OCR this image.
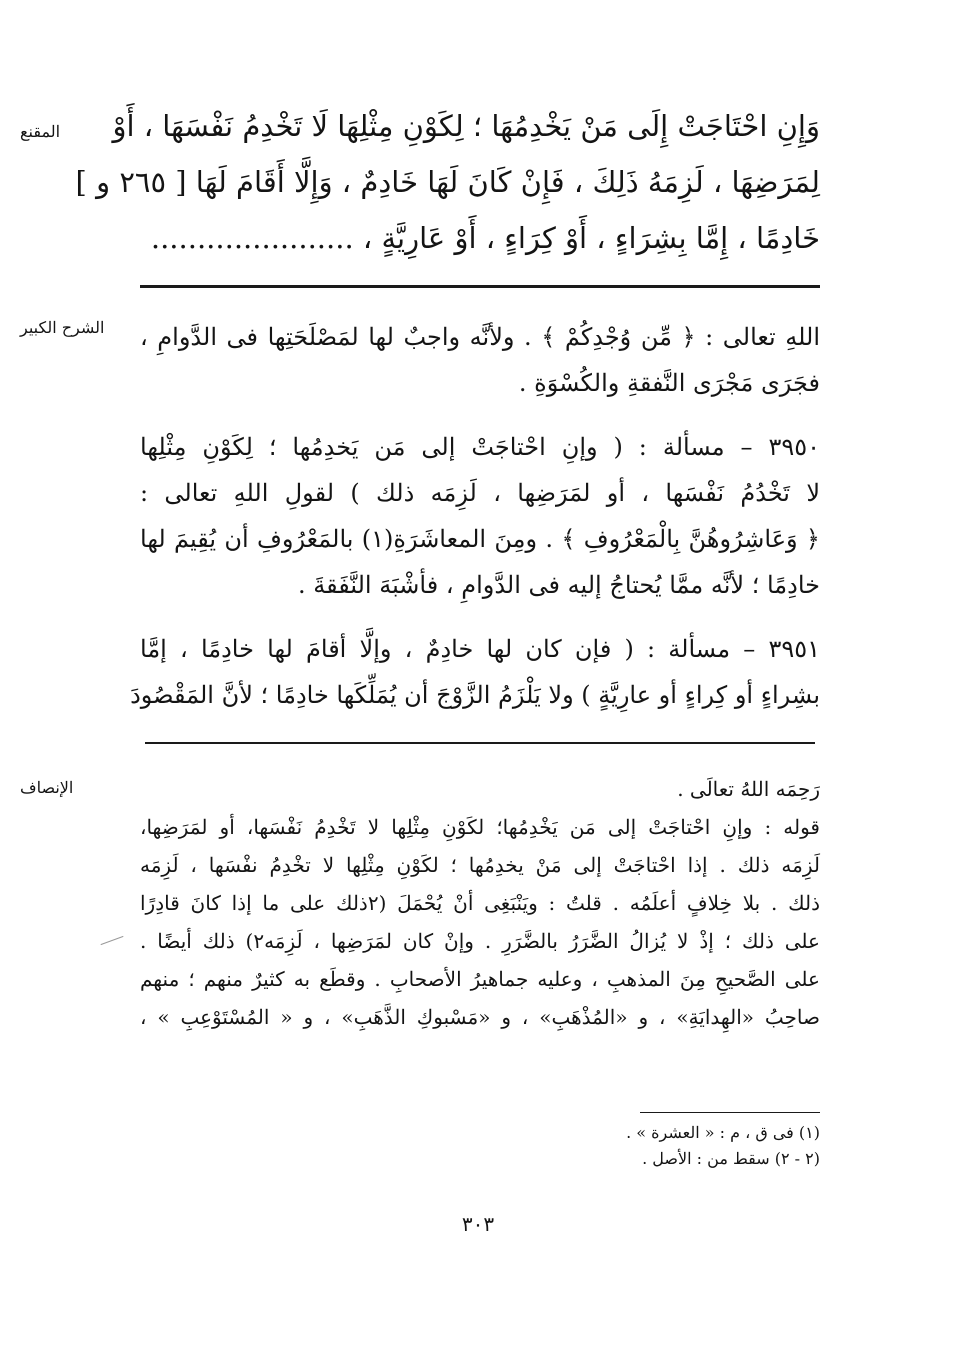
المقنع	وَإِنِ احْتَاجَتْ إِلَى مَنْ يَخْدِمُهَا ؛ لِكَوْنِ مِثْلِهَا لَا تَخْدِمُ نَفْسَهَا ، أَوْ
لِمَرَضِهَا ، لَزِمَهُ ذَلِكَ ، فَإِنْ كَانَ لَهَا خَادِمٌ ، وَإِلَّا أَقَامَ لَهَا [ ٢٦٥ و ]
خَادِمًا ، إِمَّا بِشِرَاءٍ ، أَوْ كِرَاءٍ ، أَوْ عَارِيَّةٍ ، ......................
الشرح الكبير	اللهِ تعالى : ﴿ مِّن وُجْدِكُمْ ﴾ . ولأنَّه واجبٌ لها لمَصْلَحَتِها فى الدَّوامِ ،
فجَرَى مَجْرَى النَّفقةِ والكُسْوَةِ .
٣٩٥٠ – مسألة : ( وإنِ احْتاجَتْ إلى مَن يَخدِمُها ؛ لِكَوْنِ مِثْلِها
لا تَخْدُمُ نَفْسَها ، أو لمَرَضِها ، لَزِمَه ذلك ) لقولِ اللهِ تعالى :
﴿ وَعَاشِرُوهُنَّ بِالْمَعْرُوفِ ﴾ . ومِنَ المعاشَرَةِ(١) بالمَعْرُوفِ أن يُقِيمَ لها
خادِمًا ؛ لأنَّه ممَّا يُحتاجُ إليه فى الدَّوامِ ، فأشْبَهَ النَّفَقةَ .
٣٩٥١ – مسألة : ( فإن كان لها خادِمٌ ، وإلَّا أقامَ لها خادِمًا ، إمَّا
بشِراءٍ أو كِراءٍ أو عارِيَّةٍ ) ولا يَلْزَمُ الزَّوْجَ أن يُمَلِّكَها خادِمًا ؛ لأنَّ المَقْصُودَ
الإنصاف	رَحِمَه اللهُ تعالَى .
قوله : وإنِ احْتاجَتْ إلى مَن يَخْدِمُها؛ لكَوْنِ مِثْلِها لا تَخْدِمُ نَفْسَها، أو لمَرَضِها،
لَزِمَه ذلك . إذا احْتاجَتْ إلى مَنْ يخدِمُها ؛ لكَوْنِ مِثْلِها لا تخْدِمُ نفْسَها ، لَزِمَه
ذلك . بلا خِلافٍ أعلَمُه . قلتُ : ويَنْبَغِى أنْ يُحْمَلَ (٢ذلك على ما إذا كانَ قادِرًا
على ذلك ؛ إذْ لا يُزالُ الضَّرَرُ بالضَّرَرِ . وإنْ كان لمَرَضِها ، لَزِمَه٢) ذلك أيضًا .
على الصَّحيحِ مِنَ المذهبِ ، وعليه جماهيرُ الأصحابِ . وقطَع به كثيرٌ منهم ؛ منهم
صاحِبُ «الهِدايَةِ» ، و «المُذْهَبِ» ، و «مَسْبوكِ الذَّهَبِ» ، و « المُسْتَوْعِبِ » ،
(١) فى ق ، م : « العشرة » .
(٢ - ٢) سقط من : الأصل .
٣٠٣
